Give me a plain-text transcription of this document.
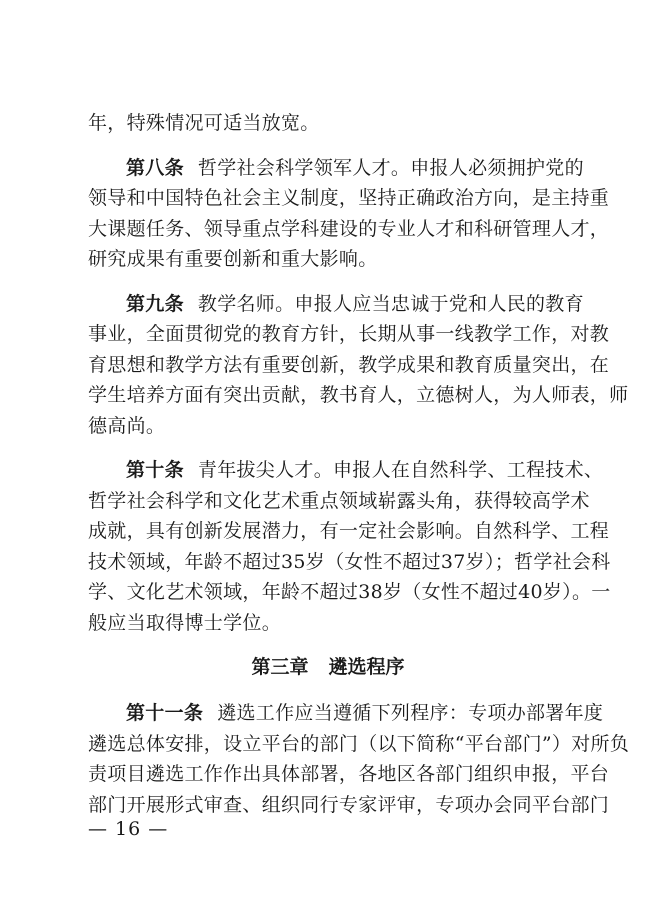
年，特殊情况可适当放宽。
第八条 哲学社会科学领军人才。申报人必须拥护党的
领导和中国特色社会主义制度，坚持正确政治方向，是主持重
大课题任务、领导重点学科建设的专业人才和科研管理人才，
研究成果有重要创新和重大影响。
第九条 教学名师。申报人应当忠诚于党和人民的教育
事业，全面贯彻党的教育方针，长期从事一线教学工作，对教
育思想和教学方法有重要创新，教学成果和教育质量突出，在
学生培养方面有突出贡献，教书育人，立德树人，为人师表，师
德高尚。
第十条 青年拔尖人才。申报人在自然科学、工程技术、
哲学社会科学和文化艺术重点领域崭露头角，获得较高学术
成就，具有创新发展潜力，有一定社会影响。自然科学、工程
技术领域，年龄不超过35岁（女性不超过37岁）；哲学社会科
学、文化艺术领域，年龄不超过38岁（女性不超过40岁）。一
般应当取得博士学位。
第三章 遴选程序
第十一条 遴选工作应当遵循下列程序：专项办部署年度
遴选总体安排，设立平台的部门（以下简称“平台部门”）对所负
责项目遴选工作作出具体部署，各地区各部门组织申报，平台
部门开展形式审查、组织同行专家评审，专项办会同平台部门
— 16 —
